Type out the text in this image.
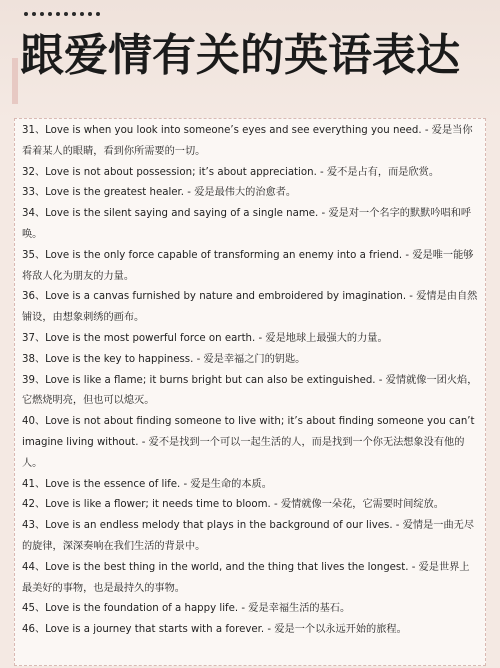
跟爱情有关的英语表达
31、Love is when you look into someone’s eyes and see everything you need. - 爱是当你看着某人的眼睛，看到你所需要的一切。
32、Love is not about possession; it’s about appreciation. - 爱不是占有，而是欣赏。
33、Love is the greatest healer. - 爱是最伟大的治愈者。
34、Love is the silent saying and saying of a single name. - 爱是对一个名字的默默吟唱和呼唤。
35、Love is the only force capable of transforming an enemy into a friend. - 爱是唯一能够将敌人化为朋友的力量。
36、Love is a canvas furnished by nature and embroidered by imagination. - 爱情是由自然铺设，由想象刺绣的画布。
37、Love is the most powerful force on earth. - 爱是地球上最强大的力量。
38、Love is the key to happiness. - 爱是幸福之门的钥匙。
39、Love is like a flame; it burns bright but can also be extinguished. - 爱情就像一团火焰，它燃烧明亮，但也可以熄灭。
40、Love is not about finding someone to live with; it’s about finding someone you can’t imagine living without. - 爱不是找到一个可以一起生活的人，而是找到一个你无法想象没有他的人。
41、Love is the essence of life. - 爱是生命的本质。
42、Love is like a flower; it needs time to bloom. - 爱情就像一朵花，它需要时间绽放。
43、Love is an endless melody that plays in the background of our lives. - 爱情是一曲无尽的旋律，深深奏响在我们生活的背景中。
44、Love is the best thing in the world, and the thing that lives the longest. - 爱是世界上最美好的事物，也是最持久的事物。
45、Love is the foundation of a happy life. - 爱是幸福生活的基石。
46、Love is a journey that starts with a forever. - 爱是一个以永远开始的旅程。
